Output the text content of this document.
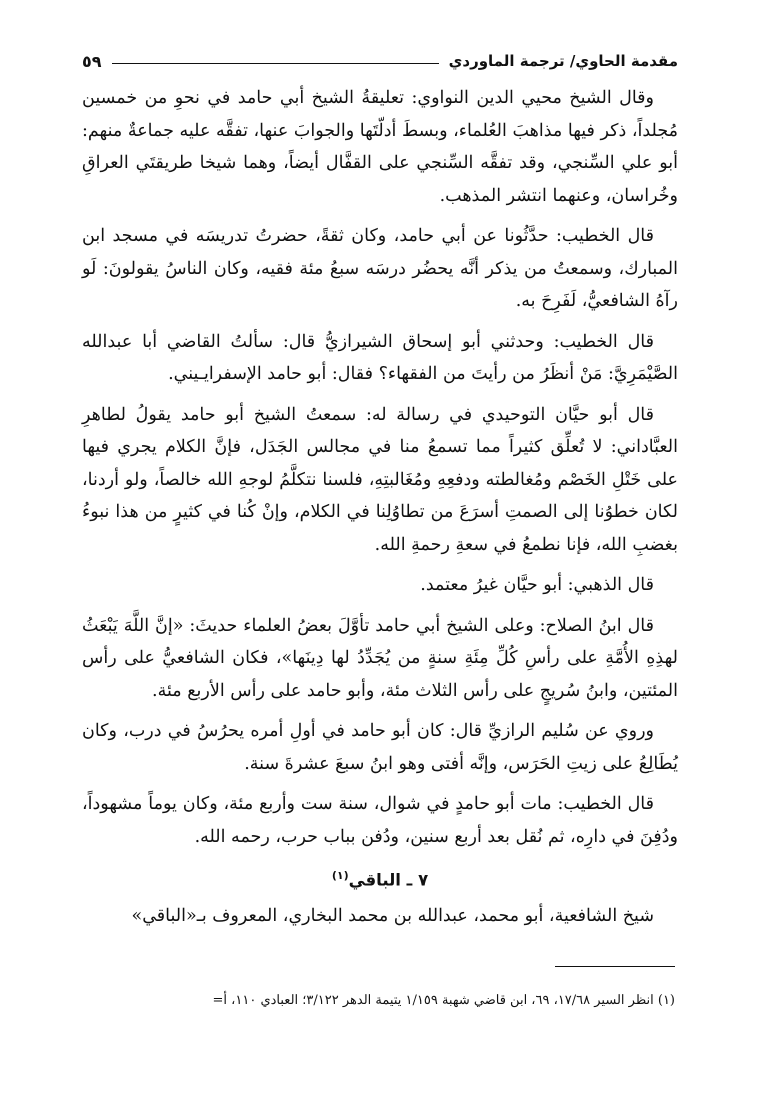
مقدمة الحاوي/ ترجمة الماوردي
٥٩

وقال الشيخ محيي الدين النواوي: تعليقةُ الشيخ أبي حامد في نحوِ من خمسين مُجلداً، ذكر فيها مذاهبَ العُلماء، وبسطَ أدلّتَها والجوابَ عنها، تفقَّه عليه جماعةٌ منهم: أبو علي السِّنجي، وقد تفقَّه السِّنجي على القفَّال أيضاً، وهما شيخا طريقتَي العراقِ وخُراسان، وعنهما انتشر المذهب.

قال الخطيب: حدَّثُونا عن أبي حامد، وكان ثقةً، حضرتُ تدريسَه في مسجد ابن المبارك، وسمعتُ من يذكر أنَّه يحضُر درسَه سبعُ مئة فقيه، وكان الناسُ يقولونَ: لَو رآهُ الشافعيُّ، لَفَرِحَ به.

قال الخطيب: وحدثني أبو إسحاق الشيرازيُّ قال: سألتُ القاضي أبا عبدالله الصَّيْمَرِيَّ: مَنْ أنظَرُ من رأيتَ من الفقهاء؟ فقال: أبو حامد الإسفرايـيني.

قال أبو حيَّان التوحيدي في رسالة له: سمعتُ الشيخ أبو حامد يقولُ لطاهرِ العبَّاداني: لا تُعلِّق كثيراً مما تسمعُ منا في مجالس الجَدَل، فإنَّ الكلام يجري فيها على خَتْلِ الخَصْم ومُغالطته ودفعِهِ ومُغَالبتِهِ، فلسنا نتكلَّمُ لوجهِ الله خالصاً، ولو أردنا، لكان خطوُنا إلى الصمتِ أسرَعَ من تطاوُلِنا في الكلام، وإنْ كُنا في كثيرٍ من هذا نبوءُ بغضبِ الله، فإنا نطمعُ في سعةِ رحمةِ الله.

قال الذهبي: أبو حيَّان غيرُ معتمد.

قال ابنُ الصلاح: وعلى الشيخ أبي حامد تأوَّلَ بعضُ العلماء حديثَ: «إنَّ اللَّهَ يَبْعَثُ لهذِهِ الأُمَّةِ على رأسِ كُلِّ مِئَةِ سنةٍ من يُجَدِّدُ لها دِينَها»، فكان الشافعيُّ على رأس المئتين، وابنُ سُريجٍ على رأس الثلاث مئة، وأبو حامد على رأس الأربع مئة.

وروي عن سُليم الرازيِّ قال: كان أبو حامد في أولِ أمره يحرُسُ في درب، وكان يُطَالِعُ على زيتِ الحَرَس، وإنَّه أفتى وهو ابنُ سبعَ عشرةَ سنة.

قال الخطيب: مات أبو حامدٍ في شوال، سنة ست وأربع مئة، وكان يوماً مشهوداً، ودُفِنَ في دارِه، ثم نُقل بعد أربع سنين، ودُفن بباب حرب، رحمه الله.

٧ ـ الباقي$^{(١)}$

شيخ الشافعية، أبو محمد، عبدالله بن محمد البخاري، المعروف بـ«الباقي»

(١) انظر السير ١٧/٦٨، ٦٩، ابن قاضي شهبة ١/١٥٩ يتيمة الدهر ٣/١٢٢؛ العبادي ١١٠، أ=
